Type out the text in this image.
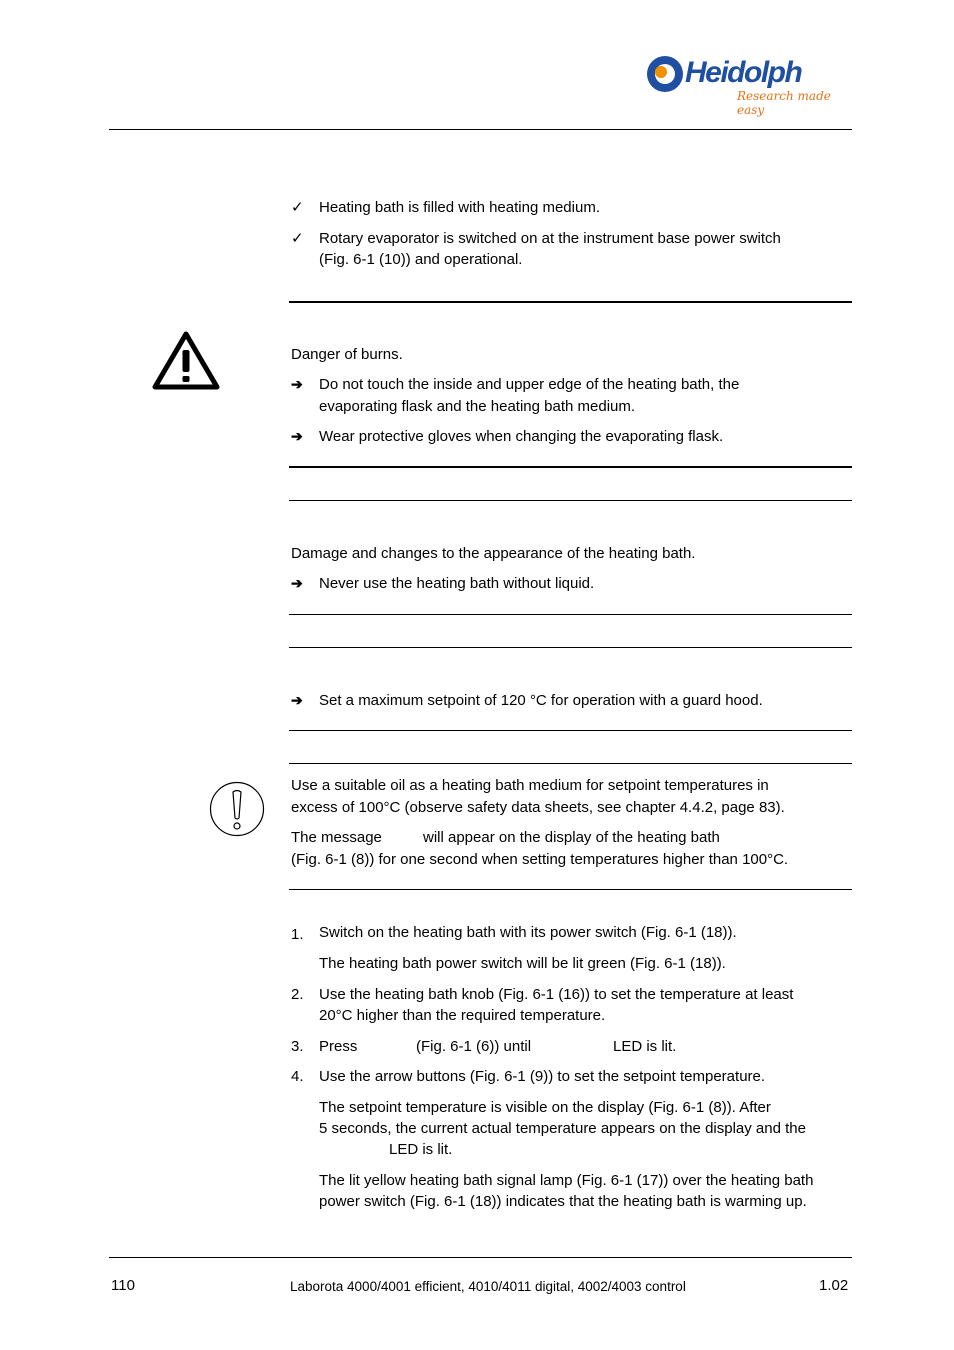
Heidolph
Research made easy
✓	Heating bath is filled with heating medium.
✓	Rotary evaporator is switched on at the instrument base power switch
(Fig. 6-1 (10)) and operational.
Danger of burns.
➔	Do not touch the inside and upper edge of the heating bath, the
evaporating flask and the heating bath medium.
➔	Wear protective gloves when changing the evaporating flask.
Damage and changes to the appearance of the heating bath.
➔	Never use the heating bath without liquid.
➔	Set a maximum setpoint of 120 °C for operation with a guard hood.
Use a suitable oil as a heating bath medium for setpoint temperatures in
excess of 100°C (observe safety data sheets, see chapter 4.4.2, page 83).
The message	will appear on the display of the heating bath
(Fig. 6-1 (8)) for one second when setting temperatures higher than 100°C.
1. Switch on the heating bath with its power switch (Fig. 6-1 (18)).
The heating bath power switch will be lit green (Fig. 6-1 (18)).
2. Use the heating bath knob (Fig. 6-1 (16)) to set the temperature at least
20°C higher than the required temperature.
3. Press	(Fig. 6-1 (6)) until	LED is lit.
4. Use the arrow buttons (Fig. 6-1 (9)) to set the setpoint temperature.
The setpoint temperature is visible on the display (Fig. 6-1 (8)). After
5 seconds, the current actual temperature appears on the display and the
LED is lit.
The lit yellow heating bath signal lamp (Fig. 6-1 (17)) over the heating bath
power switch (Fig. 6-1 (18)) indicates that the heating bath is warming up.
110	Laborota 4000/4001 efficient, 4010/4011 digital, 4002/4003 control	1.02
